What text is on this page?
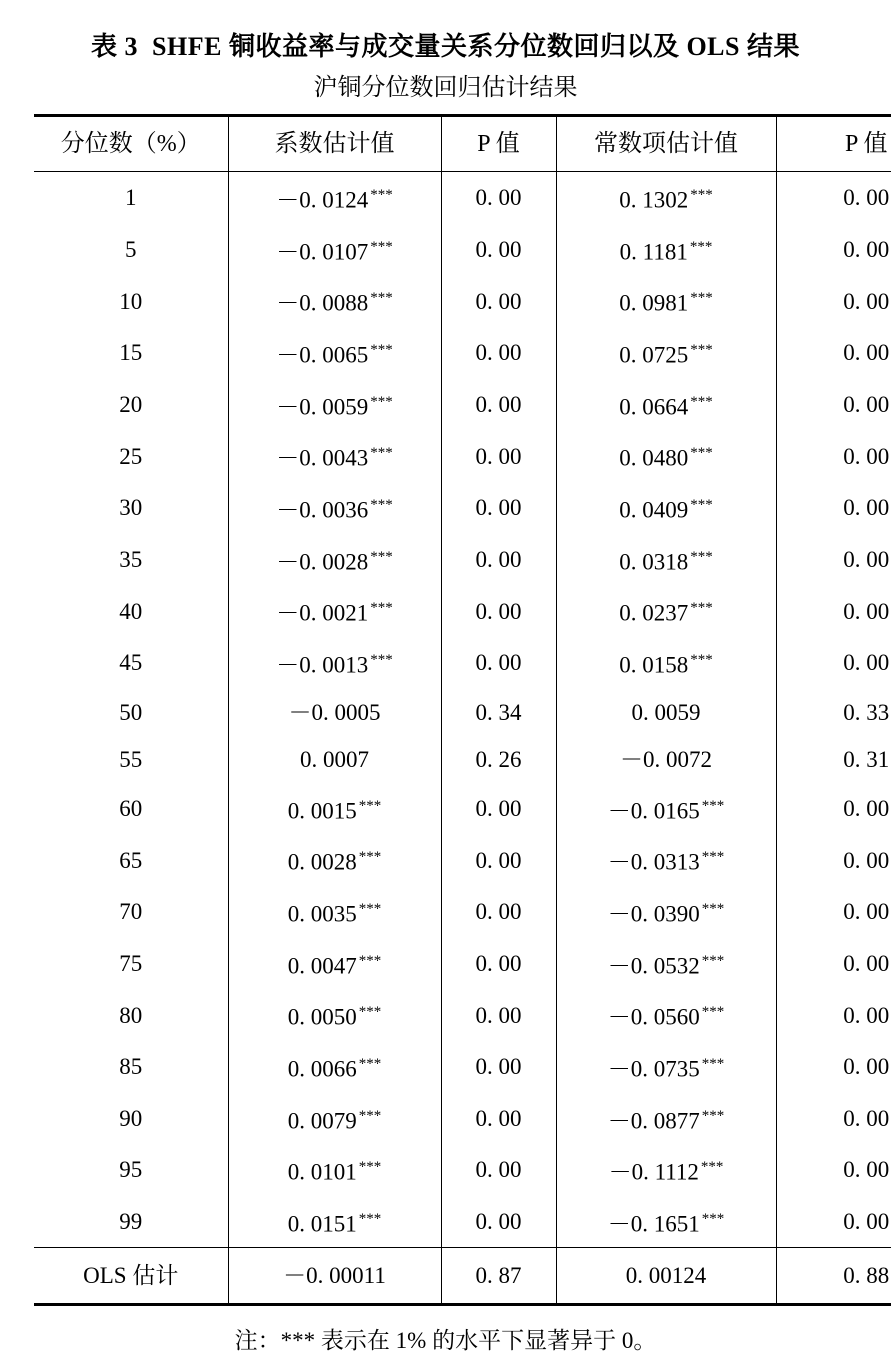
表 3 SHFE 铜收益率与成交量关系分位数回归以及 OLS 结果
沪铜分位数回归估计结果
分位数（%）	系数估计值	P 值	常数项估计值	P 值
1	－0. 0124 ***	0. 00	0. 1302 ***	0. 00
5	－0. 0107 ***	0. 00	0. 1181 ***	0. 00
10	－0. 0088 ***	0. 00	0. 0981 ***	0. 00
15	－0. 0065 ***	0. 00	0. 0725 ***	0. 00
20	－0. 0059 ***	0. 00	0. 0664 ***	0. 00
25	－0. 0043 ***	0. 00	0. 0480 ***	0. 00
30	－0. 0036 ***	0. 00	0. 0409 ***	0. 00
35	－0. 0028 ***	0. 00	0. 0318 ***	0. 00
40	－0. 0021 ***	0. 00	0. 0237 ***	0. 00
45	－0. 0013 ***	0. 00	0. 0158 ***	0. 00
50	－0. 0005	0. 34	0. 0059	0. 33
55	0. 0007	0. 26	－0. 0072	0. 31
60	0. 0015 ***	0. 00	－0. 0165 ***	0. 00
65	0. 0028 ***	0. 00	－0. 0313 ***	0. 00
70	0. 0035 ***	0. 00	－0. 0390 ***	0. 00
75	0. 0047 ***	0. 00	－0. 0532 ***	0. 00
80	0. 0050 ***	0. 00	－0. 0560 ***	0. 00
85	0. 0066 ***	0. 00	－0. 0735 ***	0. 00
90	0. 0079 ***	0. 00	－0. 0877 ***	0. 00
95	0. 0101 ***	0. 00	－0. 1112 ***	0. 00
99	0. 0151 ***	0. 00	－0. 1651 ***	0. 00
OLS 估计	－0. 00011	0. 87	0. 00124	0. 88
注：*** 表示在 1% 的水平下显著异于 0。
